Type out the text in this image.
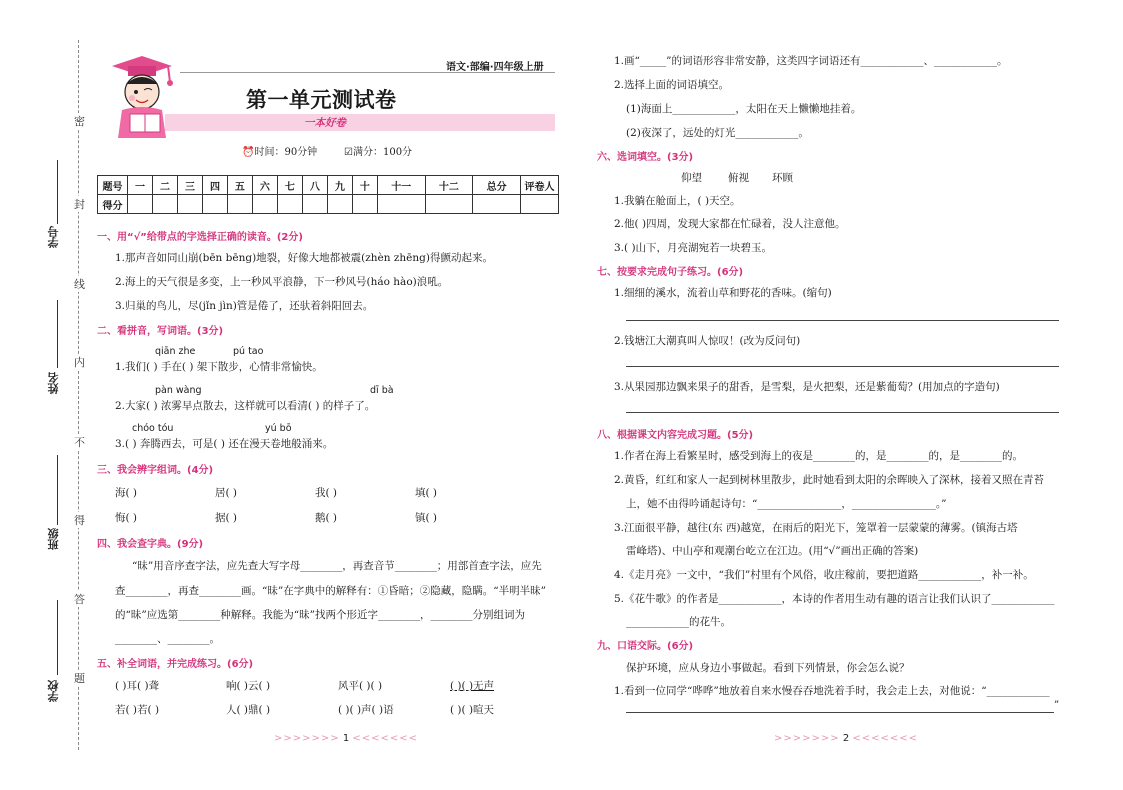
密
封
线
内
不
得
答
题
学号
姓名
班级
学校
语文·部编·四年级上册
第一单元测试卷
一本好卷
⏰时间：90分钟	☑满分：100分
题号	一	二	三	四	五	六	七	八	九	十	十一	十二	总分	评卷人
得分														
一、用“√”给带点的字选择正确的读音。(2分)
1.那声音如同山崩(bēn bēng)地裂，好像大地都被震(zhèn zhēng)得颤动起来。
2.海上的天气很是多变，上一秒风平浪静，下一秒风号(háo hào)浪吼。
3.归巢的鸟儿，尽(jǐn jìn)管是倦了，还驮着斜阳回去。
二、看拼音，写词语。(3分)
qiān zhe	pú tao
1.我们( ) 手在( ) 架下散步，心情非常愉快。
pàn wàng	dī bà
2.大家( ) 浓雾早点散去，这样就可以看清( ) 的样子了。
chóo tóu	yú bō
3.( ) 奔腾西去，可是( ) 还在漫天卷地般涌来。
三、我会辨字组词。(4分)
海( )	居( )	我( )	填( )
悔( )	据( )	鹅( )	镇( )
四、我会查字典。(9分)
“昧”用音序查字法，应先查大写字母________，再查音节________；用部首查字法，应先
查________，再查________画。“昧”在字典中的解释有：①昏暗；②隐藏，隐瞒。“半明半昧”
的“昧”应选第________种解释。我能为“昧”找两个形近字________，________分别组词为
________、________。
五、补全词语，并完成练习。(6分)
( )耳( )聋	响( )云( )	风平( )( )	( )( )无声
若( )若( )	人( )鼎( )	( )( )声( )语	( )( )喧天
>>>>>>> 1 <<<<<<<
1.画“_____”的词语形容非常安静，这类四字词语还有____________、____________。
2.选择上面的词语填空。
(1)海面上____________，太阳在天上懒懒地挂着。
(2)夜深了，远处的灯光____________。
六、选词填空。(3分)
仰望 俯视 环顾
1.我躺在舱面上，( )天空。
2.他( )四周，发现大家都在忙碌着，没人注意他。
3.( )山下，月亮湖宛若一块碧玉。
七、按要求完成句子练习。(6分)
1.细细的溪水，流着山草和野花的香味。(缩句)
2.钱塘江大潮真叫人惊叹！(改为反问句)
3.从果园那边飘来果子的甜香，是雪梨，是火把梨，还是紫葡萄？(用加点的字造句)
八、根据课文内容完成习题。(5分)
1.作者在海上看繁星时，感受到海上的夜是________的，是________的，是________的。
2.黄昏，红红和家人一起到树林里散步，此时她看到太阳的余晖映入了深林，接着又照在青苔
上，她不由得吟诵起诗句：“________________，________________。”
3.江面很平静，越往(东 西)越宽，在雨后的阳光下，笼罩着一层蒙蒙的薄雾。(镇海古塔
雷峰塔)、中山亭和观潮台屹立在江边。(用“√”画出正确的答案)
4.《走月亮》一文中，“我们”村里有个风俗，收庄稼前，要把道路____________，补一补。
5.《花牛歌》的作者是____________，本诗的作者用生动有趣的语言让我们认识了____________
____________的花牛。
九、口语交际。(6分)
保护环境，应从身边小事做起。看到下列情景，你会怎么说？
1.看到一位同学“哗哗”地放着自来水慢吞吞地洗着手时，我会走上去，对他说：“____________
”
>>>>>>> 2 <<<<<<<
